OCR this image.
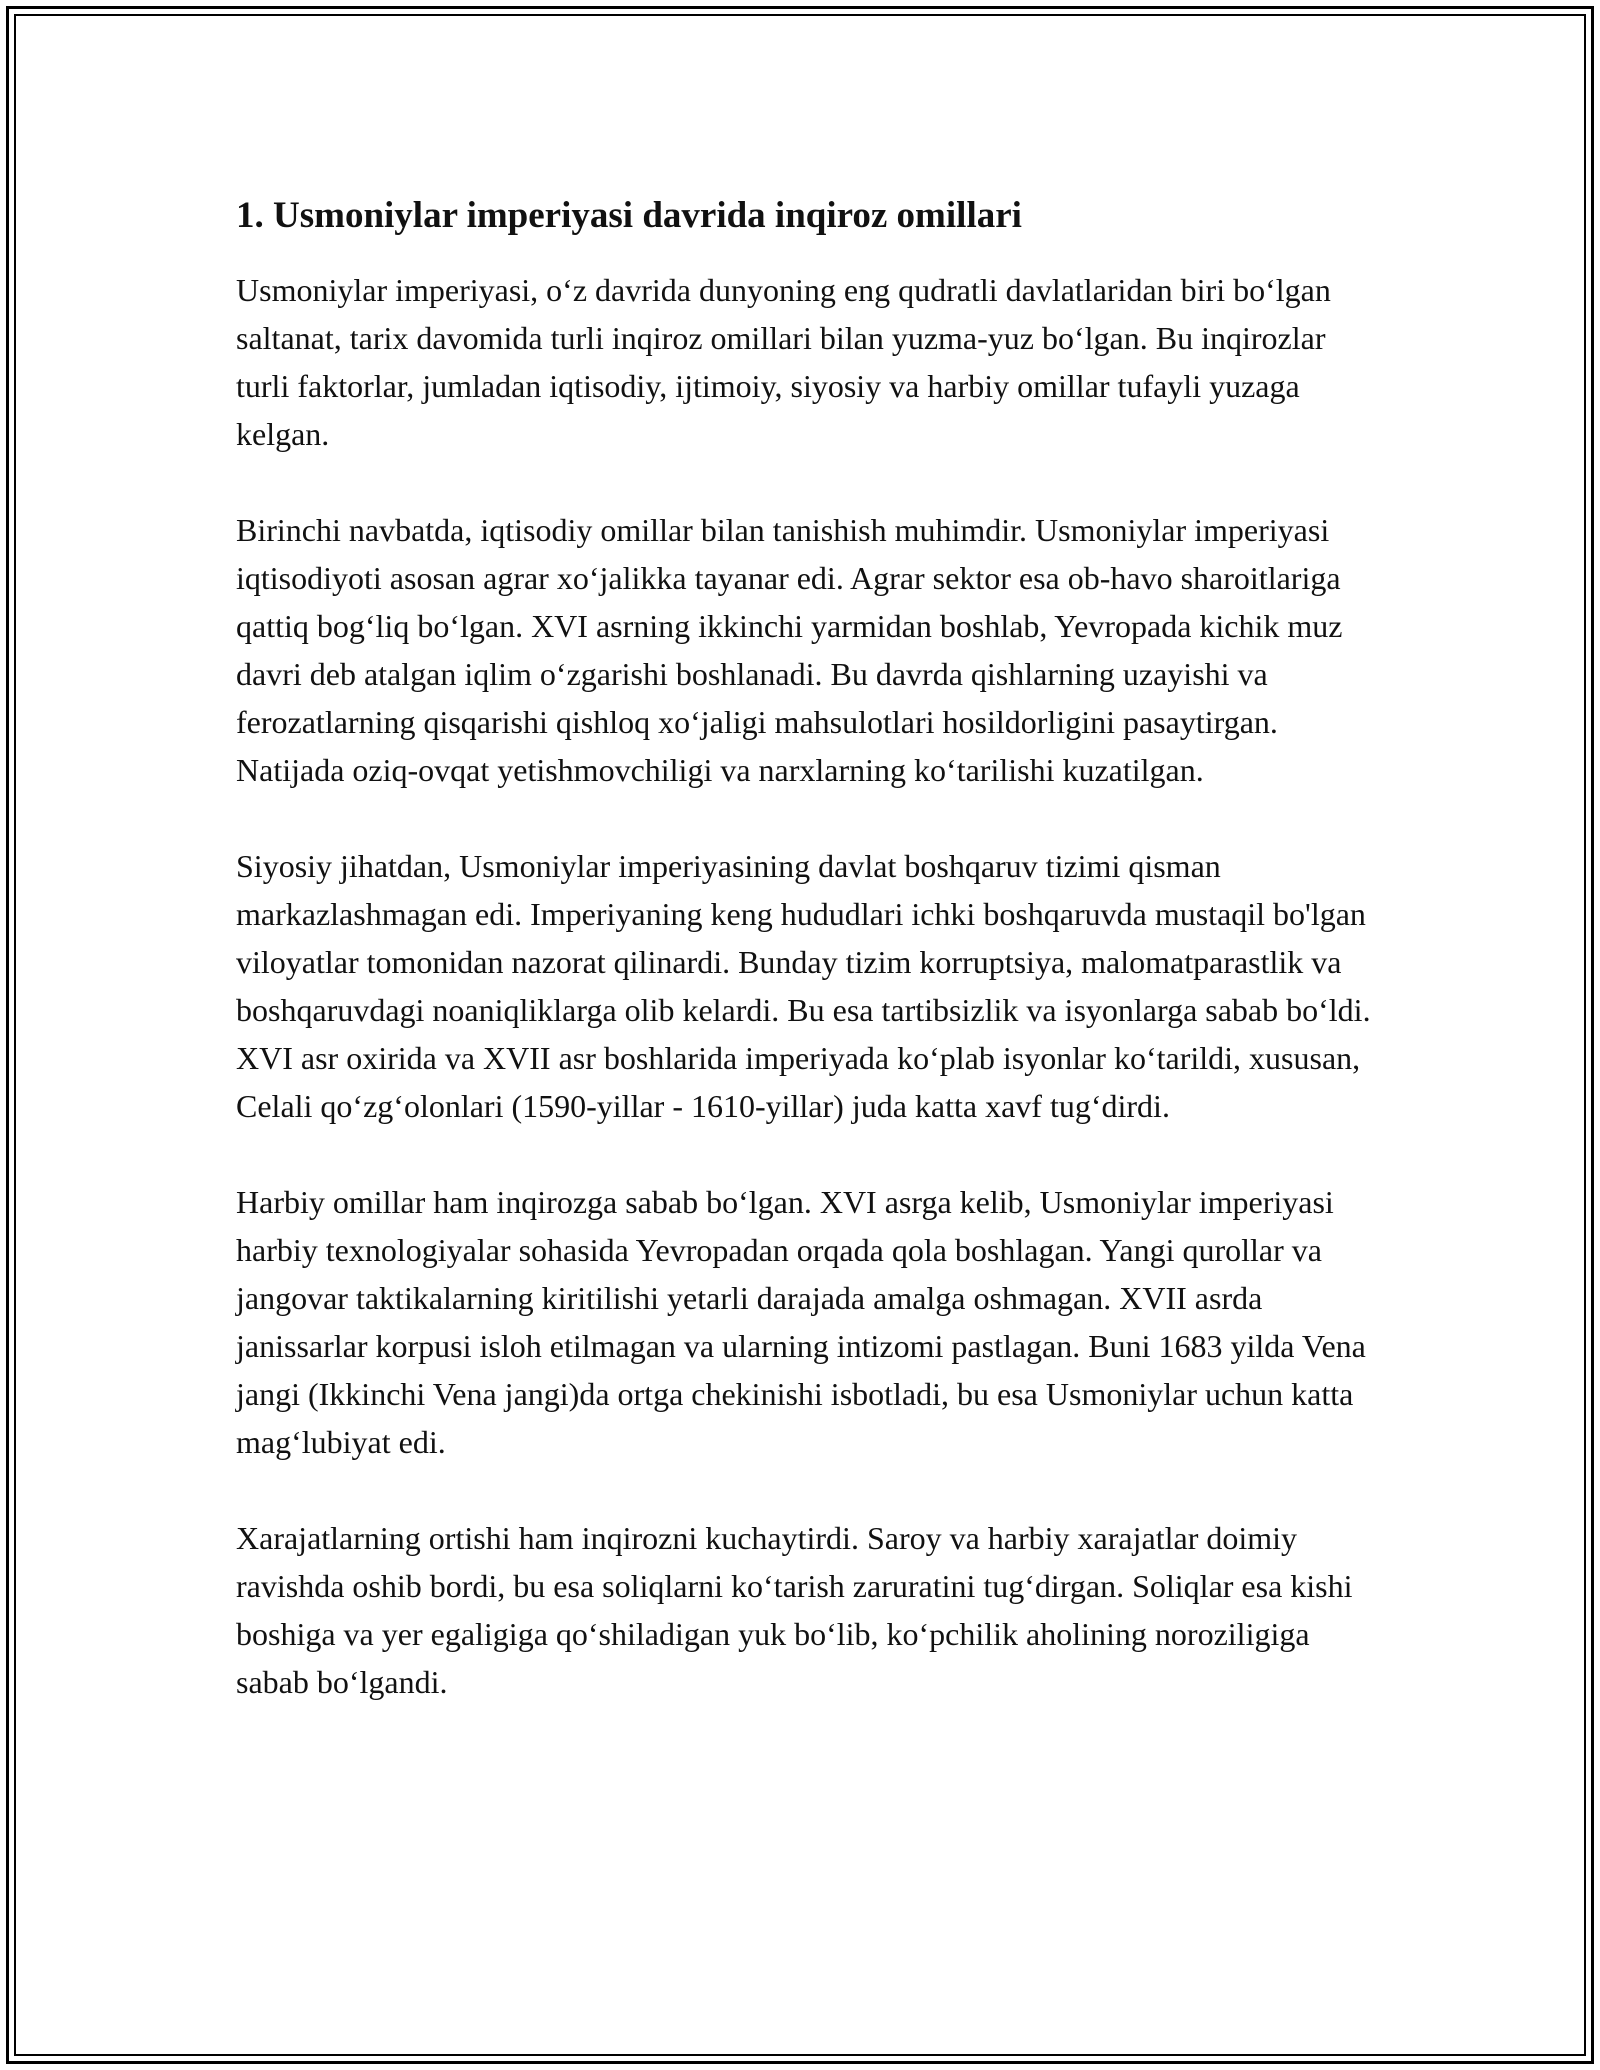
1. Usmoniylar imperiyasi davrida inqiroz omillari

Usmoniylar imperiyasi, o‘z davrida dunyoning eng qudratli davlatlaridan biri bo‘lgan saltanat, tarix davomida turli inqiroz omillari bilan yuzma-yuz bo‘lgan. Bu inqirozlar turli faktorlar, jumladan iqtisodiy, ijtimoiy, siyosiy va harbiy omillar tufayli yuzaga kelgan.

Birinchi navbatda, iqtisodiy omillar bilan tanishish muhimdir. Usmoniylar imperiyasi iqtisodiyoti asosan agrar xo‘jalikka tayanar edi. Agrar sektor esa ob-havo sharoitlariga qattiq bog‘liq bo‘lgan. XVI asrning ikkinchi yarmidan boshlab, Yevropada kichik muz davri deb atalgan iqlim o‘zgarishi boshlanadi. Bu davrda qishlarning uzayishi va ferozatlarning qisqarishi qishloq xo‘jaligi mahsulotlari hosildorligini pasaytirgan. Natijada oziq-ovqat yetishmovchiligi va narxlarning ko‘tarilishi kuzatilgan.

Siyosiy jihatdan, Usmoniylar imperiyasining davlat boshqaruv tizimi qisman markazlashmagan edi. Imperiyaning keng hududlari ichki boshqaruvda mustaqil bo'lgan viloyatlar tomonidan nazorat qilinardi. Bunday tizim korruptsiya, malomatparastlik va boshqaruvdagi noaniqliklarga olib kelardi. Bu esa tartibsizlik va isyonlarga sabab bo‘ldi. XVI asr oxirida va XVII asr boshlarida imperiyada ko‘plab isyonlar ko‘tarildi, xususan, Celali qo‘zg‘olonlari (1590-yillar - 1610-yillar) juda katta xavf tug‘dirdi.

Harbiy omillar ham inqirozga sabab bo‘lgan. XVI asrga kelib, Usmoniylar imperiyasi harbiy texnologiyalar sohasida Yevropadan orqada qola boshlagan. Yangi qurollar va jangovar taktikalarning kiritilishi yetarli darajada amalga oshmagan. XVII asrda janissarlar korpusi isloh etilmagan va ularning intizomi pastlagan. Buni 1683 yilda Vena jangi (Ikkinchi Vena jangi)da ortga chekinishi isbotladi, bu esa Usmoniylar uchun katta mag‘lubiyat edi.

Xarajatlarning ortishi ham inqirozni kuchaytirdi. Saroy va harbiy xarajatlar doimiy ravishda oshib bordi, bu esa soliqlarni ko‘tarish zaruratini tug‘dirgan. Soliqlar esa kishi boshiga va yer egaligiga qo‘shiladigan yuk bo‘lib, ko‘pchilik aholining noroziligiga sabab bo‘lgandi.
